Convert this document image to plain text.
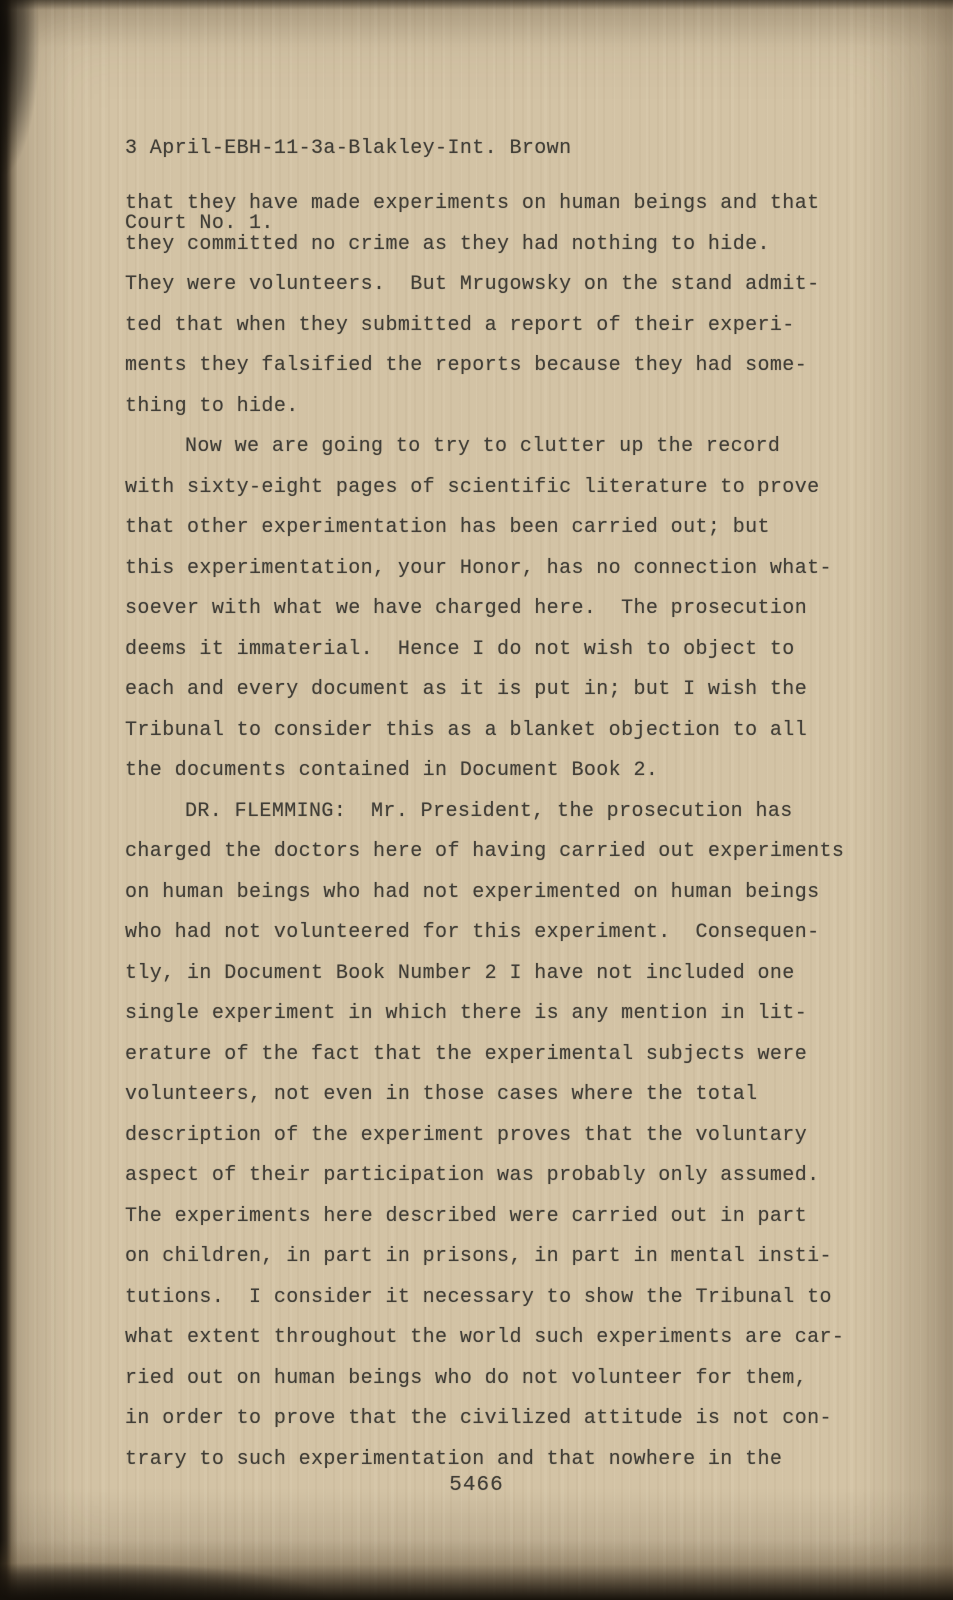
3 April-EBH-11-3a-Blakley-Int. Brown

Court No. 1.

that they have made experiments on human beings and that
they committed no crime as they had nothing to hide.
They were volunteers.  But Mrugowsky on the stand admit-
ted that when they submitted a report of their experi-
ments they falsified the reports because they had some-
thing to hide.
Now we are going to try to clutter up the record
with sixty-eight pages of scientific literature to prove
that other experimentation has been carried out; but
this experimentation, your Honor, has no connection what-
soever with what we have charged here.  The prosecution
deems it immaterial.  Hence I do not wish to object to
each and every document as it is put in; but I wish the
Tribunal to consider this as a blanket objection to all
the documents contained in Document Book 2.
DR. FLEMMING:  Mr. President, the prosecution has
charged the doctors here of having carried out experiments
on human beings who had not experimented on human beings
who had not volunteered for this experiment.  Consequen-
tly, in Document Book Number 2 I have not included one
single experiment in which there is any mention in lit-
erature of the fact that the experimental subjects were
volunteers, not even in those cases where the total
description of the experiment proves that the voluntary
aspect of their participation was probably only assumed.
The experiments here described were carried out in part
on children, in part in prisons, in part in mental insti-
tutions.  I consider it necessary to show the Tribunal to
what extent throughout the world such experiments are car-
ried out on human beings who do not volunteer for them,
in order to prove that the civilized attitude is not con-
trary to such experimentation and that nowhere in the
5466
